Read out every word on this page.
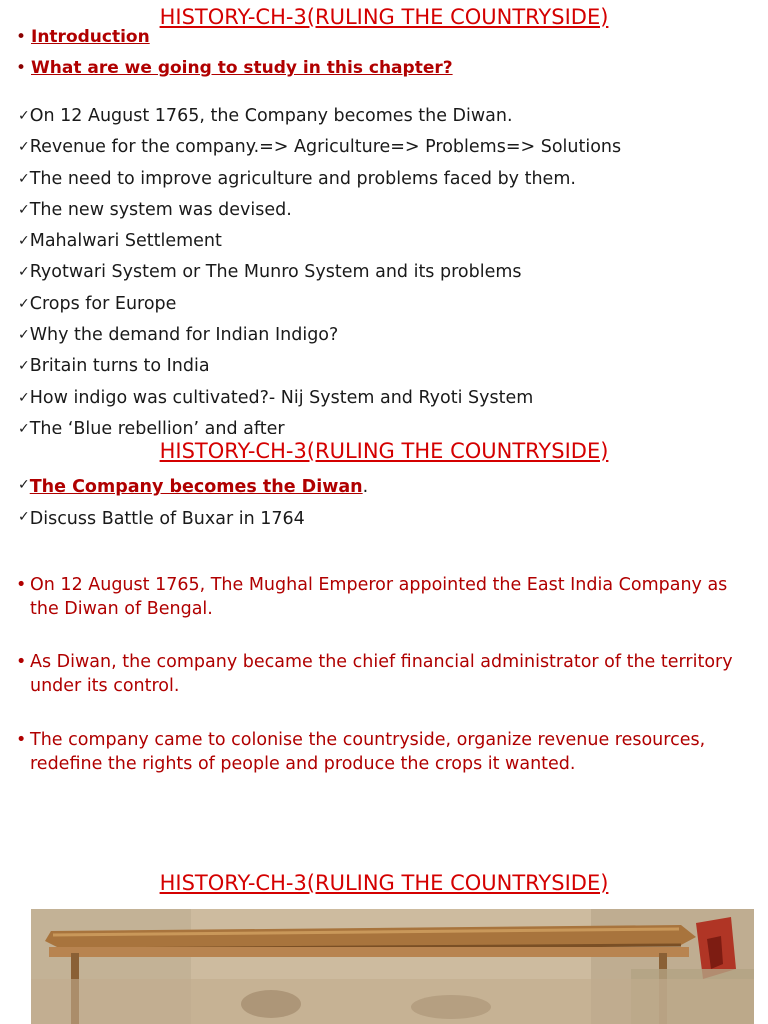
HISTORY-CH-3(RULING THE COUNTRYSIDE)
• Introduction
• What are we going to study in this chapter?
✓On 12 August 1765, the Company becomes the Diwan.
✓Revenue for the company.=> Agriculture=> Problems=> Solutions
✓The need to improve agriculture and problems faced by them.
✓The new system was devised.
✓Mahalwari Settlement
✓Ryotwari System or The Munro System and its problems
✓Crops for Europe
✓Why the demand for Indian Indigo?
✓Britain turns to India
✓How indigo was cultivated?- Nij System and Ryoti System
✓The ‘Blue rebellion’ and after
HISTORY-CH-3(RULING THE COUNTRYSIDE)
✓The Company becomes the Diwan.
✓Discuss Battle of Buxar in 1764
• On 12 August 1765, The Mughal Emperor appointed the East India Company as the Diwan of Bengal.
• As Diwan, the company became the chief financial administrator of the territory under its control.
• The company came to colonise the countryside, organize revenue resources, redefine the rights of people and produce the crops it wanted.
HISTORY-CH-3(RULING THE COUNTRYSIDE)
